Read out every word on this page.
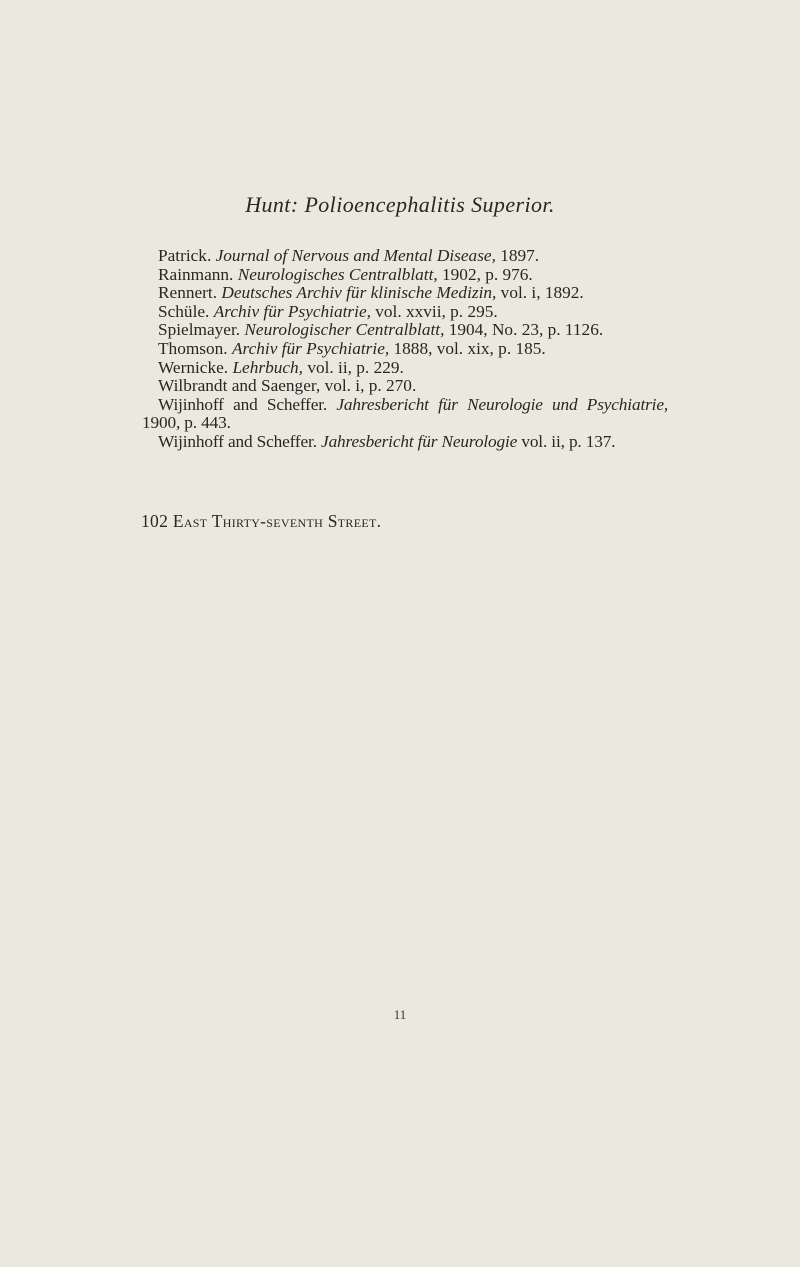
Hunt: Polioencephalitis Superior.

Patrick. Journal of Nervous and Mental Disease, 1897.

Rainmann. Neurologisches Centralblatt, 1902, p. 976.

Rennert. Deutsches Archiv für klinische Medizin, vol. i, 1892.

Schüle. Archiv für Psychiatrie, vol. xxvii, p. 295.

Spielmayer. Neurologischer Centralblatt, 1904, No. 23, p. 1126.

Thomson. Archiv für Psychiatrie, 1888, vol. xix, p. 185.

Wernicke. Lehrbuch, vol. ii, p. 229.

Wilbrandt and Saenger, vol. i, p. 270.

Wijinhoff and Scheffer. Jahresbericht für Neurologie und Psychiatrie, 1900, p. 443.

Wijinhoff and Scheffer. Jahresbericht für Neurologie vol. ii, p. 137.

102 East Thirty-seventh Street.
11
